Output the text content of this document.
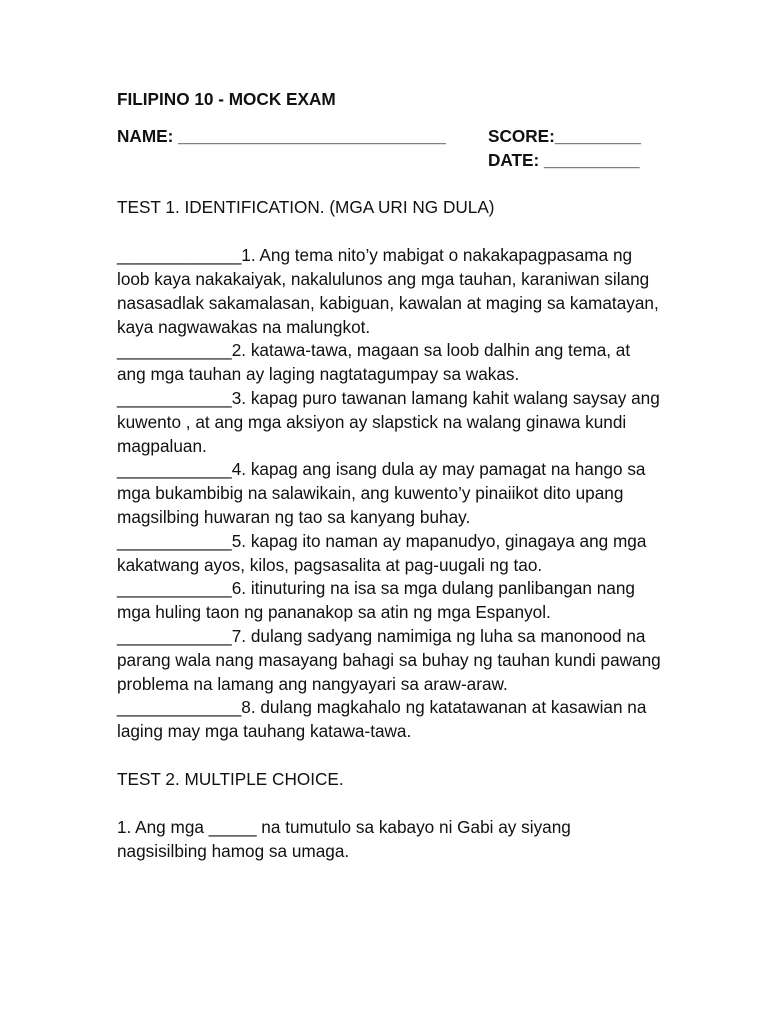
FILIPINO 10 - MOCK EXAM

NAME: ____________________________	SCORE:_________
DATE: __________

TEST 1. IDENTIFICATION. (MGA URI NG DULA)

_____________1. Ang tema nito’y mabigat o nakakapagpasama ng loob kaya nakakaiyak, nakalulunos ang mga tauhan, karaniwan silang nasasadlak sakamalasan, kabiguan, kawalan at maging sa kamatayan, kaya nagwawakas na malungkot.

____________2. katawa-tawa, magaan sa loob dalhin ang tema, at ang mga tauhan ay laging nagtatagumpay sa wakas.

____________3. kapag puro tawanan lamang kahit walang saysay ang kuwento , at ang mga aksiyon ay slapstick na walang ginawa kundi magpaluan.

____________4. kapag ang isang dula ay may pamagat na hango sa mga bukambibig na salawikain, ang kuwento’y pinaiikot dito upang magsilbing huwaran ng tao sa kanyang buhay.

____________5. kapag ito naman ay mapanudyo, ginagaya ang mga kakatwang ayos, kilos, pagsasalita at pag-uugali ng tao.

____________6. itinuturing na isa sa mga dulang panlibangan nang mga huling taon ng pananakop sa atin ng mga Espanyol.

____________7. dulang sadyang namimiga ng luha sa manonood na parang wala nang masayang bahagi sa buhay ng tauhan kundi pawang problema na lamang ang nangyayari sa araw-araw.

_____________8. dulang magkahalo ng katatawanan at kasawian na laging may mga tauhang katawa-tawa.

TEST 2. MULTIPLE CHOICE.

1. Ang mga _____ na tumutulo sa kabayo ni Gabi ay siyang nagsisilbing hamog sa umaga.
